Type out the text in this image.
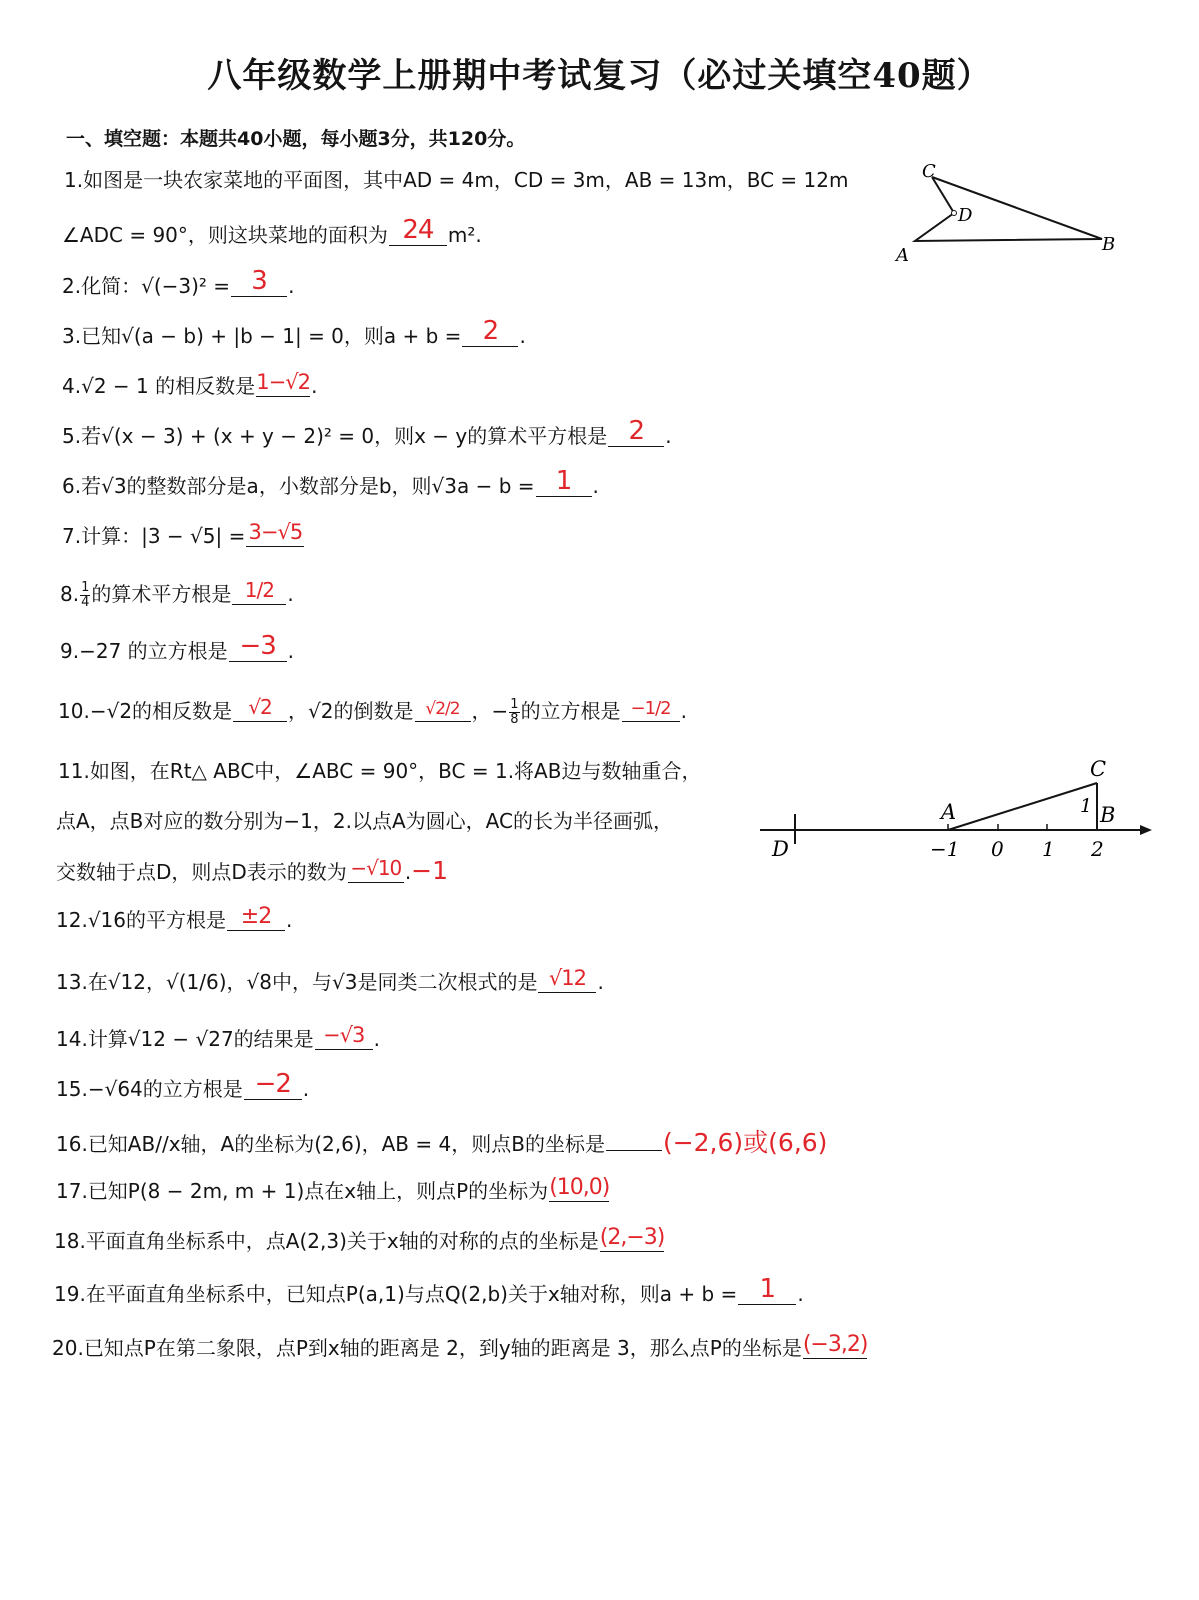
八年级数学上册期中考试复习（必过关填空40题）
一、填空题：本题共40小题，每小题3分，共120分。
1.如图是一块农家菜地的平面图，其中AD = 4m，CD = 3m，AB = 13m，BC = 12m
∠ADC = 90°，则这块菜地的面积为 24 m².
C
D
A
B
2.化简：√(−3)² = 3 .
3.已知√(a − b) + |b − 1| = 0，则a + b = 2 .
4.√2 − 1 的相反数是1−√2.
5.若√(x − 3) + (x + y − 2)² = 0，则x − y的算术平方根是 2 .
6.若√3的整数部分是a，小数部分是b，则√3a − b = 1 .
7.计算：|3 − √5| = 3−√5
8. $\frac{1}{4}$ 的算术平方根是 1/2 .
9.−27 的立方根是 −3 .
10.−√2的相反数是 √2 ，√2的倒数是 $^{√2/2}$ ，− $\frac{1}{8}$ 的立方根是 −1/2 .
11.如图，在Rt△ ABC中，∠ABC = 90°，BC = 1.将AB边与数轴重合，
点A，点B对应的数分别为−1，2.以点A为圆心，AC的长为半径画弧，
交数轴于点D，则点D表示的数为 −√10 .−1
C
A	B
1
D	−1 0 1 2
12.√16的平方根是 ±2 .
13.在√12，√(1/6)，√8中，与√3是同类二次根式的是 √12 .
14.计算√12 − √27的结果是 −√3 .
15.−√64的立方根是 −2 .
16.已知AB//x轴，A的坐标为(2,6)，AB = 4，则点B的坐标是 (−2,6)或(6,6)
17.已知P(8 − 2m, m + 1)点在x轴上，则点P的坐标为(10,0)
18.平面直角坐标系中，点A(2,3)关于x轴的对称的点的坐标是(2,−3)
19.在平面直角坐标系中，已知点P(a,1)与点Q(2,b)关于x轴对称，则a + b = 1 .
20.已知点P在第二象限，点P到x轴的距离是 2，到y轴的距离是 3，那么点P的坐标是(−3,2)
